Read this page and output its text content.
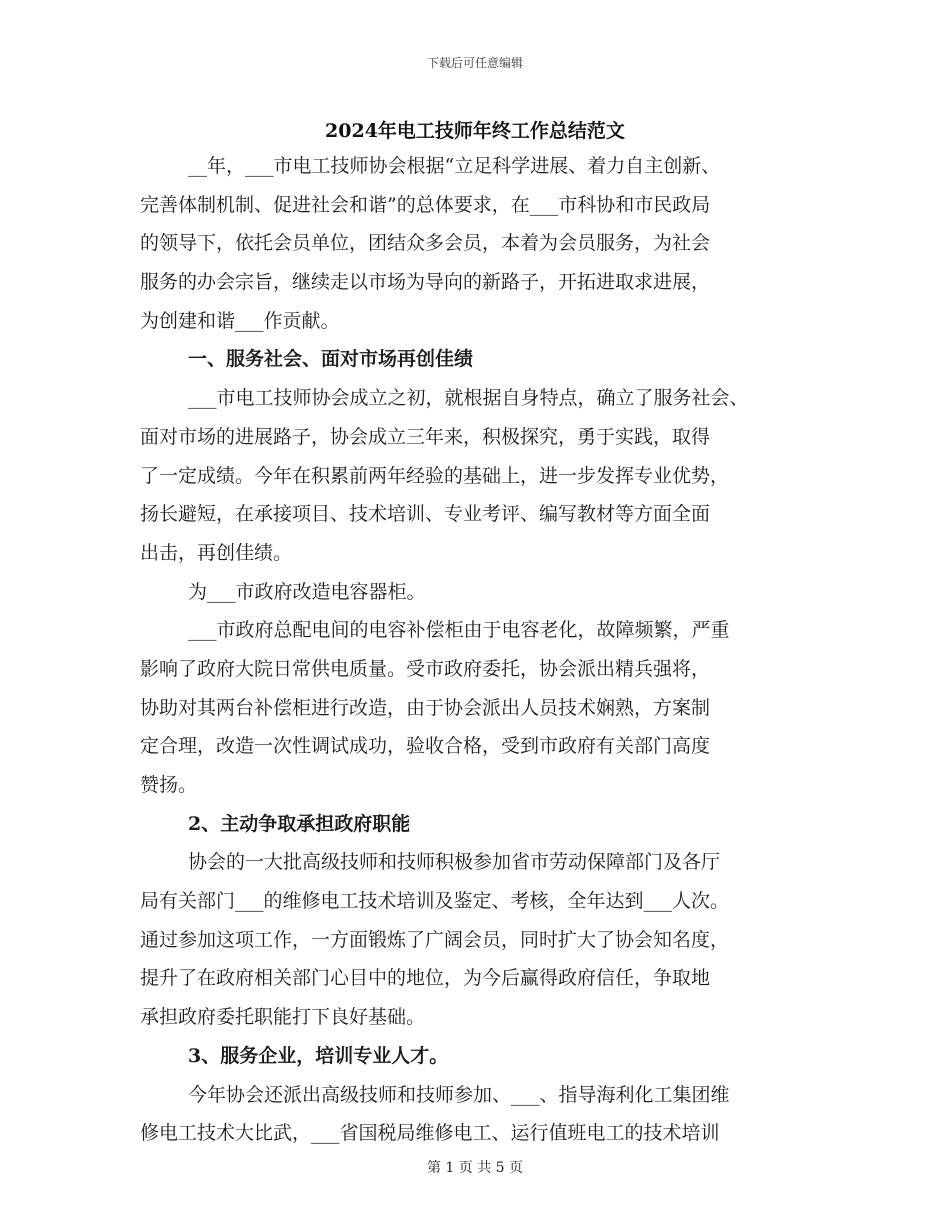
下载后可任意编辑
2024年电工技师年终工作总结范文
__年，___市电工技师协会根据“立足科学进展、着力自主创新、
完善体制机制、促进社会和谐”的总体要求，在___市科协和市民政局
的领导下，依托会员单位，团结众多会员，本着为会员服务，为社会
服务的办会宗旨，继续走以市场为导向的新路子，开拓进取求进展，
为创建和谐___作贡献。
一、服务社会、面对市场再创佳绩
___市电工技师协会成立之初，就根据自身特点，确立了服务社会、
面对市场的进展路子，协会成立三年来，积极探究，勇于实践，取得
了一定成绩。今年在积累前两年经验的基础上，进一步发挥专业优势，
扬长避短，在承接项目、技术培训、专业考评、编写教材等方面全面
出击，再创佳绩。
为___市政府改造电容器柜。
___市政府总配电间的电容补偿柜由于电容老化，故障频繁，严重
影响了政府大院日常供电质量。受市政府委托，协会派出精兵强将，
协助对其两台补偿柜进行改造，由于协会派出人员技术娴熟，方案制
定合理，改造一次性调试成功，验收合格，受到市政府有关部门高度
赞扬。
2、主动争取承担政府职能
协会的一大批高级技师和技师积极参加省市劳动保障部门及各厅
局有关部门___的维修电工技术培训及鉴定、考核，全年达到___人次。
通过参加这项工作，一方面锻炼了广阔会员，同时扩大了协会知名度，
提升了在政府相关部门心目中的地位，为今后赢得政府信任，争取地
承担政府委托职能打下良好基础。
3、服务企业，培训专业人才。
今年协会还派出高级技师和技师参加、___、指导海利化工集团维
修电工技术大比武，___省国税局维修电工、运行值班电工的技术培训
第 1 页 共 5 页
